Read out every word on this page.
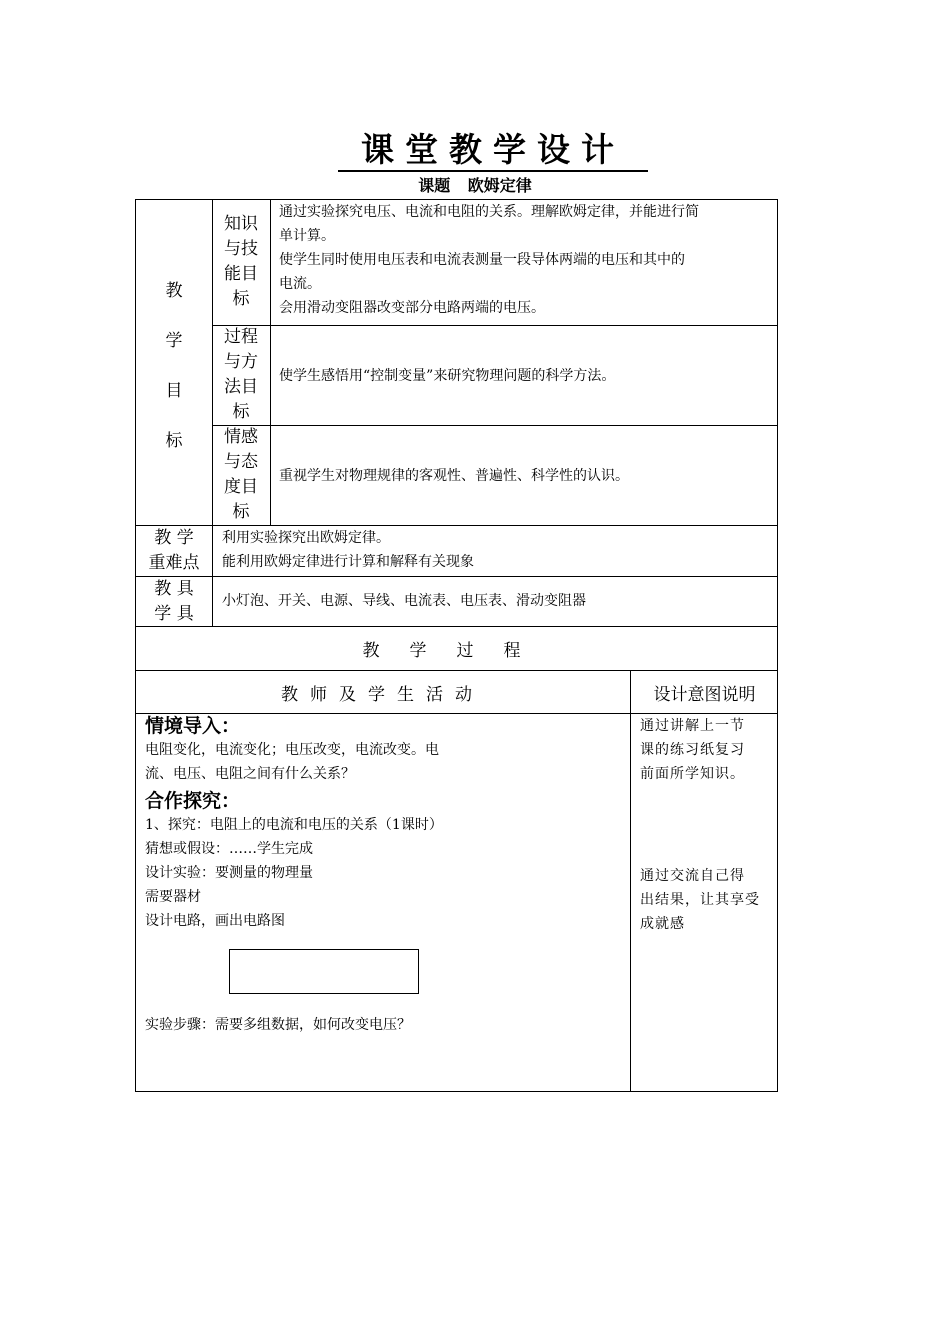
课堂教学设计
课题 欧姆定律
教
学
目
标
知识与技能目标
过程与方法目标
情感与态度目标
通过实验探究电压、电流和电阻的关系。理解欧姆定律，并能进行简
单计算。
使学生同时使用电压表和电流表测量一段导体两端的电压和其中的
电流。
会用滑动变阻器改变部分电路两端的电压。
使学生感悟用“控制变量”来研究物理问题的科学方法。
重视学生对物理规律的客观性、普遍性、科学性的认识。
教 学
重难点
利用实验探究出欧姆定律。
能利用欧姆定律进行计算和解释有关现象
教 具
学 具
小灯泡、开关、电源、导线、电流表、电压表、滑动变阻器
教学过程
教师及学生活动	设计意图说明
情境导入：
电阻变化，电流变化；电压改变，电流改变。电
流、电压、电阻之间有什么关系？
合作探究：
1、探究：电阻上的电流和电压的关系（1课时）
猜想或假设：……学生完成
设计实验：要测量的物理量
需要器材
设计电路，画出电路图
实验步骤：需要多组数据，如何改变电压？
通过讲解上一节
课的练习纸复习
前面所学知识。
通过交流自己得
出结果，让其享受
成就感
